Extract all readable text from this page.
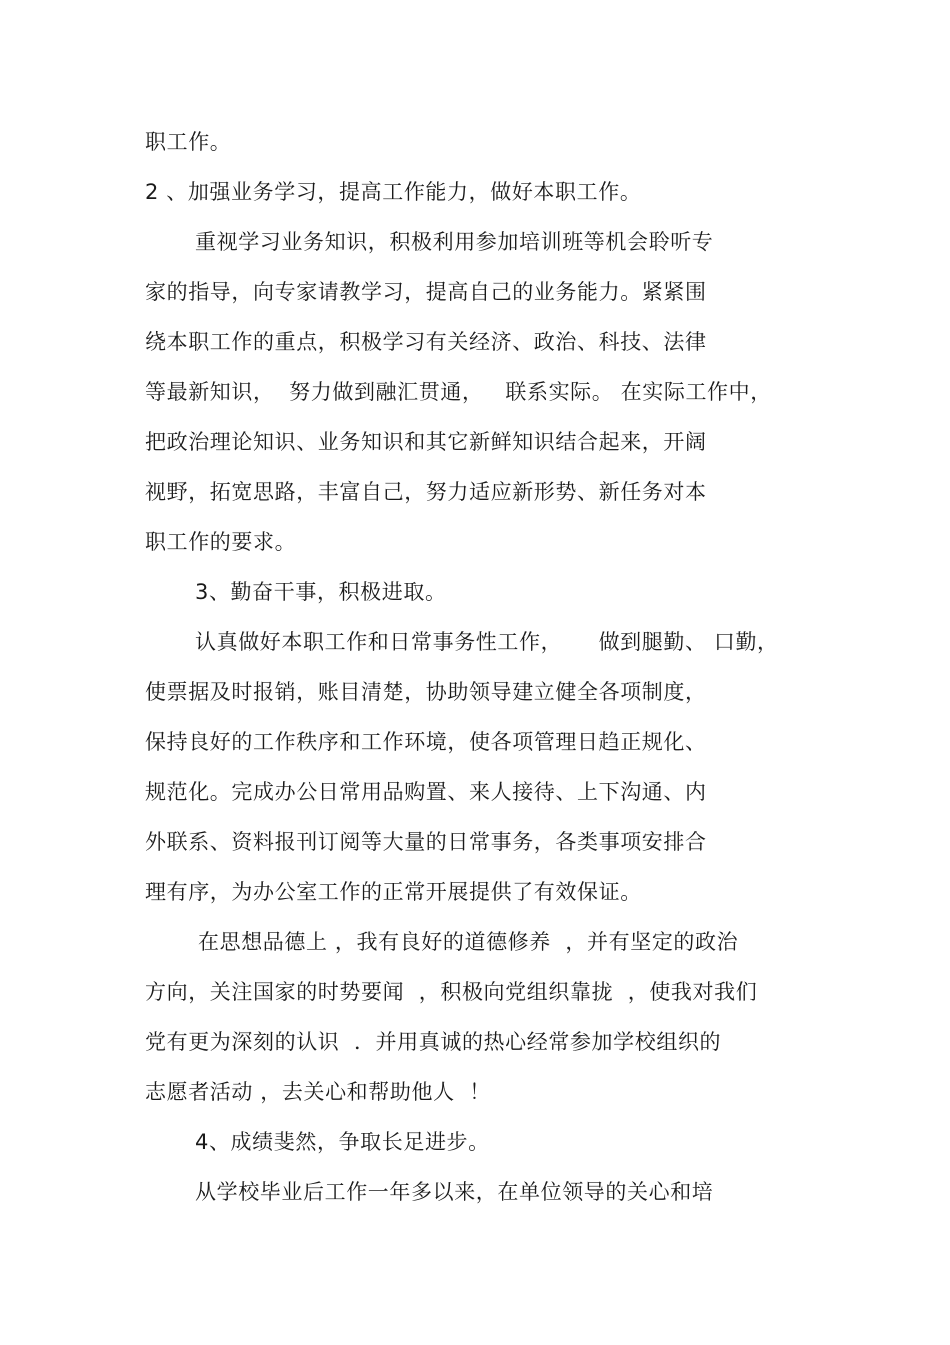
职工作。
2 、加强业务学习，提高工作能力，做好本职工作。
重视学习业务知识，积极利用参加培训班等机会聆听专
家的指导，向专家请教学习，提高自己的业务能力。紧紧围
绕本职工作的重点，积极学习有关经济、政治、科技、法律
等最新知识，  努力做到融汇贯通，   联系实际。 在实际工作中，
把政治理论知识、业务知识和其它新鲜知识结合起来，开阔
视野，拓宽思路，丰富自己，努力适应新形势、新任务对本
职工作的要求。
3、勤奋干事，积极进取。
认真做好本职工作和日常事务性工作，     做到腿勤、 口勤，
使票据及时报销，账目清楚，协助领导建立健全各项制度，
保持良好的工作秩序和工作环境，使各项管理日趋正规化、
规范化。完成办公日常用品购置、来人接待、上下沟通、内
外联系、资料报刊订阅等大量的日常事务，各类事项安排合
理有序，为办公室工作的正常开展提供了有效保证。
在思想品德上 ，我有良好的道德修养  ，并有坚定的政治
方向，关注国家的时势要闻  ，积极向党组织靠拢  ，使我对我们
党有更为深刻的认识  ．并用真诚的热心经常参加学校组织的
志愿者活动 ，去关心和帮助他人  ！
4、成绩斐然，争取长足进步。
从学校毕业后工作一年多以来，在单位领导的关心和培
